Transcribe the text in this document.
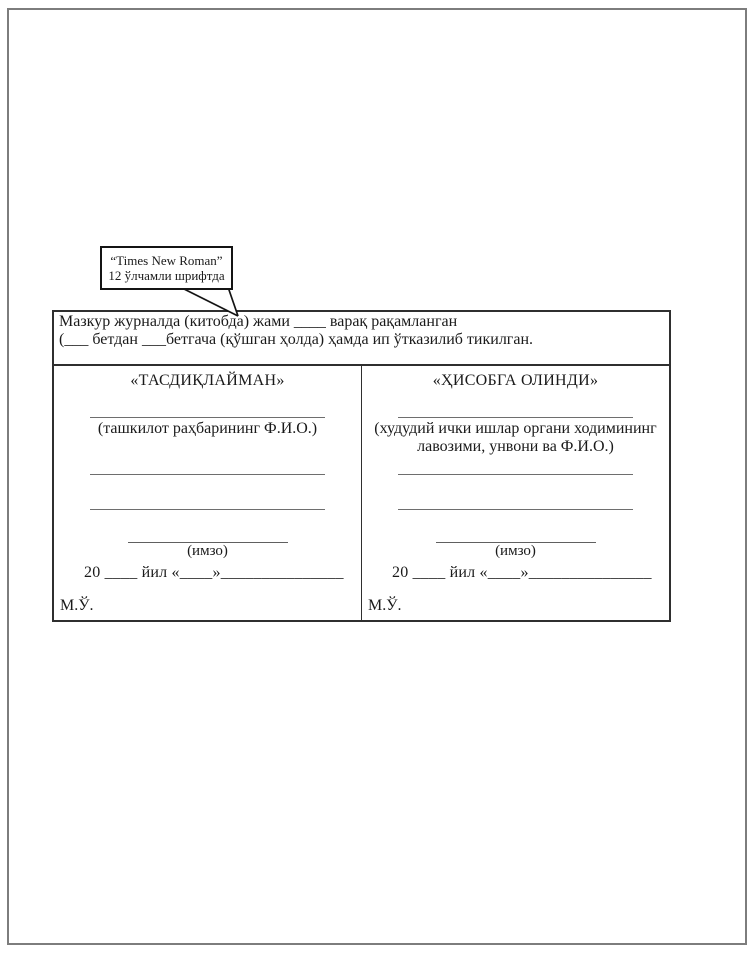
“Times New Roman”
12 ўлчамли шрифтда
Мазкур журналда (китобда) жами ____ варақ рақамланган
(___ бетдан ___бетгача (қўшган ҳолда) ҳамда ип ўтказилиб тикилган.
«ТАСДИҚЛАЙМАН»
(ташкилот раҳбарининг Ф.И.О.)
(имзо)
20 ____ йил «____»_______________
М.Ў.
«ҲИСОБГА ОЛИНДИ»
(худудий ички ишлар органи ходимининг лавозими, унвони ва Ф.И.О.)
(имзо)
20 ____ йил «____»_______________
М.Ў.
